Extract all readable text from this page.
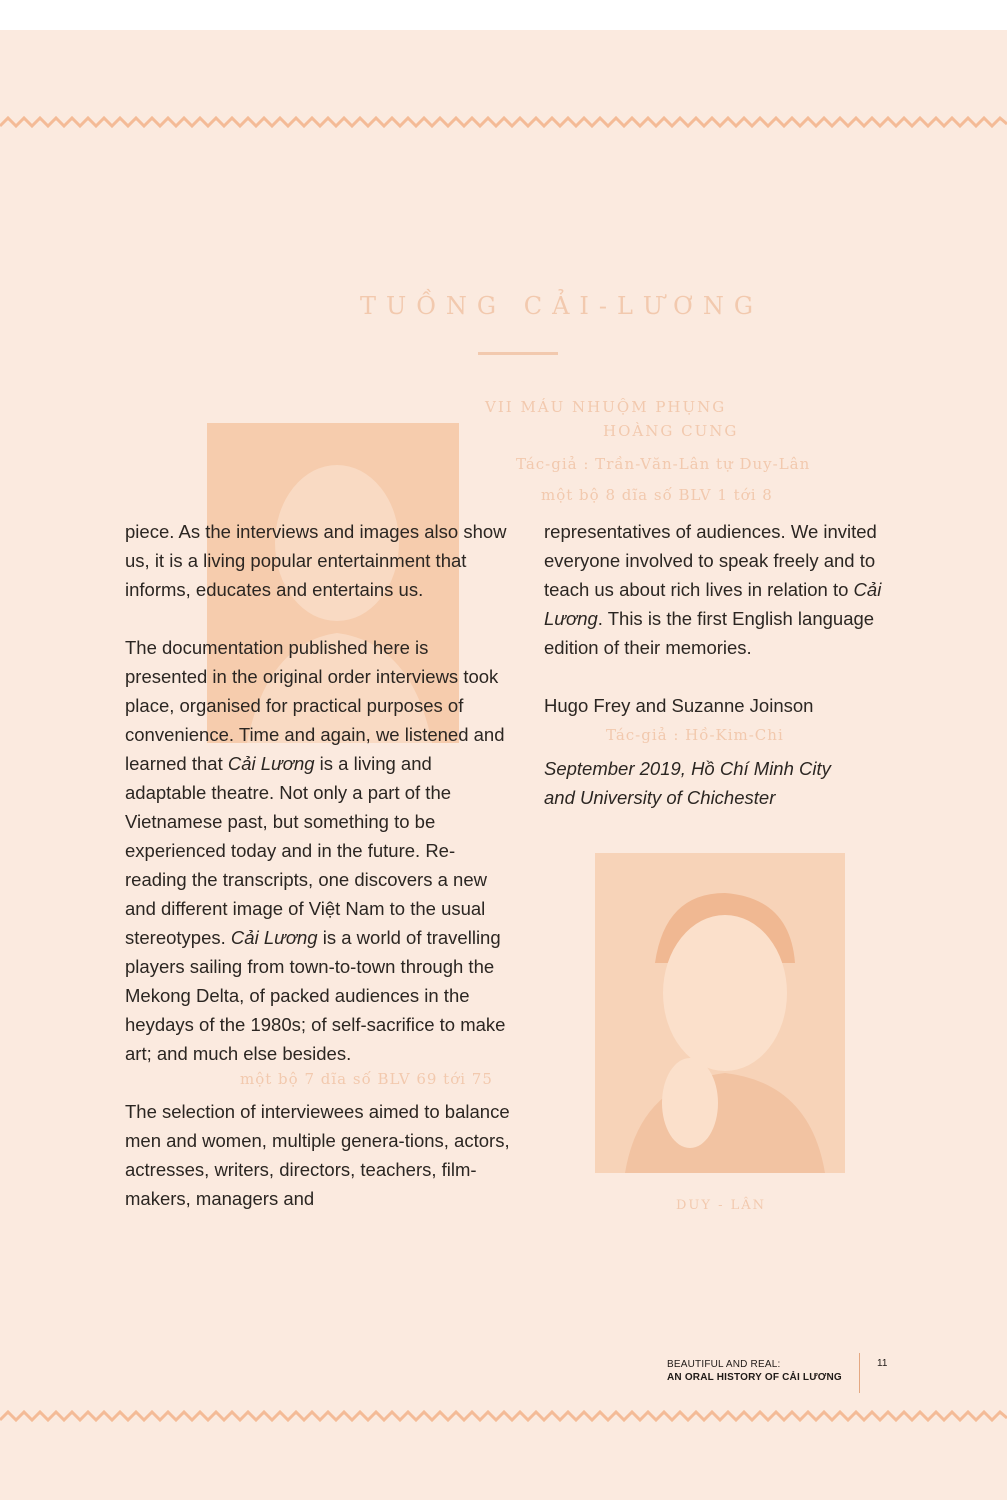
TUỒNG CẢI-LƯƠNG
VII MÁU NHUỘM PHỤNG
HOÀNG CUNG
Tác-giả : Trần-Văn-Lân tự Duy-Lân
một bộ 8 dĩa số BLV 1 tới 8
Tác-giả : Hồ-Kim-Chi
một bộ 7 dĩa số BLV 69 tới 75
DUY - LÂN

piece. As the interviews and images also show us, it is a living popular entertainment that informs, educates and entertains us.

The documentation published here is presented in the original order interviews took place, organised for practical purposes of convenience. Time and again, we listened and learned that Cải Lương is a living and adaptable theatre. Not only a part of the Vietnamese past, but something to be experienced today and in the future. Re-reading the transcripts, one discovers a new and different image of Việt Nam to the usual stereotypes. Cải Lương is a world of travelling players sailing from town-to-town through the Mekong Delta, of packed audiences in the heydays of the 1980s; of self-sacrifice to make art; and much else besides.

The selection of interviewees aimed to balance men and women, multiple genera-tions, actors, actresses, writers, directors, teachers, film-makers, managers and

representatives of audiences. We invited everyone involved to speak freely and to teach us about rich lives in relation to Cải Lương. This is the first English language edition of their memories.

Hugo Frey and Suzanne Joinson

September 2019, Hồ Chí Minh City
and University of Chichester

BEAUTIFUL AND REAL:
AN ORAL HISTORY OF CẢI LƯƠNG
11
